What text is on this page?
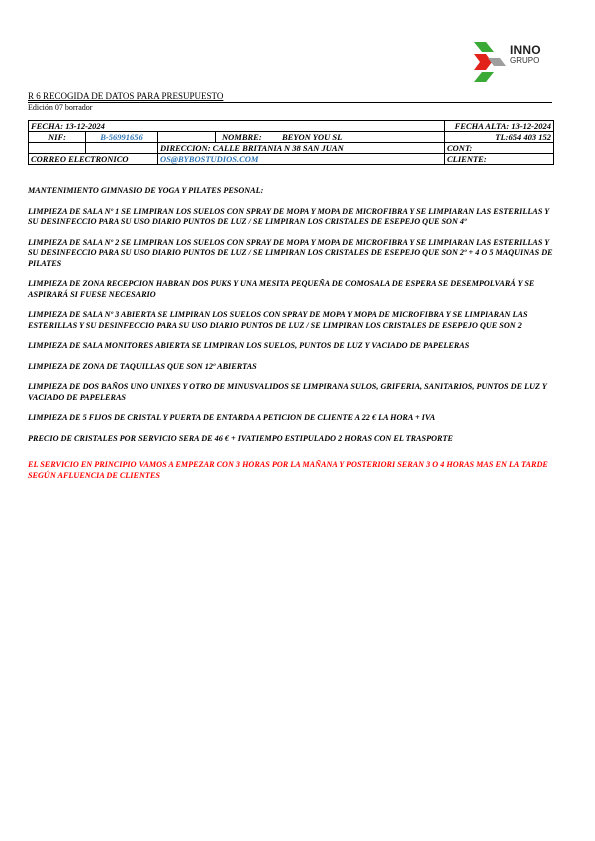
INNO
GRUPO
R 6 RECOGIDA DE DATOS PARA PRESUPUESTO
Edición 07 borrador
FECHA: 13-12-2024				FECHA ALTA: 13-12-2024
NIF:	B-56991656		NOMBRE: BEYON YOU SL	TL:654 403 152
		DIRECCION: CALLE BRITANIA N 38 SAN JUAN		CONT:
CORREO ELECTRONICO		OS@BYBOSTUDIOS.COM		CLIENTE:

MANTENIMIENTO GIMNASIO DE YOGA Y PILATES PESONAL:

LIMPIEZA DE SALA Nº 1 SE LIMPIRAN LOS SUELOS CON SPRAY DE MOPA Y MOPA DE MICROFIBRA Y SE LIMPIARAN LAS ESTERILLAS Y SU DESINFECCIO PARA SU USO DIARIO PUNTOS DE LUZ / SE LIMPIRAN LOS CRISTALES DE ESEPEJO QUE SON 4º

LIMPIEZA DE SALA Nº 2 SE LIMPIRAN LOS SUELOS CON SPRAY DE MOPA Y MOPA DE MICROFIBRA Y SE LIMPIARAN LAS ESTERILLAS Y SU DESINFECCIO PARA SU USO DIARIO PUNTOS DE LUZ / SE LIMPIRAN LOS CRISTALES DE ESEPEJO QUE SON 2º + 4 O 5 MAQUINAS DE PILATES

LIMPIEZA DE ZONA RECEPCION HABRAN DOS PUKS Y UNA MESITA PEQUEÑA DE COMOSALA DE ESPERA SE DESEMPOLVARÁ Y SE ASPIRARÁ SI FUESE NECESARIO

LIMPIEZA DE SALA Nº 3 ABIERTA SE LIMPIRAN LOS SUELOS CON SPRAY DE MOPA Y MOPA DE MICROFIBRA Y SE LIMPIARAN LAS ESTERILLAS Y SU DESINFECCIO PARA SU USO DIARIO PUNTOS DE LUZ / SE LIMPIRAN LOS CRISTALES DE ESEPEJO QUE SON 2

LIMPIEZA DE SALA MONITORES ABIERTA SE LIMPIRAN LOS SUELOS, PUNTOS DE LUZ Y VACIADO DE PAPELERAS

LIMPIEZA DE ZONA DE TAQUILLAS QUE SON 12º ABIERTAS

LIMPIEZA DE DOS BAÑOS UNO UNIXES Y OTRO DE MINUSVALIDOS SE LIMPIRANA SULOS, GRIFERIA, SANITARIOS, PUNTOS DE LUZ Y VACIADO DE PAPELERAS

LIMPIEZA DE 5 FIJOS DE CRISTAL Y PUERTA DE ENTARDA A PETICION DE CLIENTE A 22 € LA HORA + IVA

PRECIO DE CRISTALES POR SERVICIO SERA DE 46 € + IVATIEMPO ESTIPULADO 2 HORAS CON EL TRASPORTE

EL SERVICIO EN PRINCIPIO VAMOS A EMPEZAR CON 3 HORAS POR LA MAÑANA Y POSTERIORI SERAN 3 O 4 HORAS MAS EN LA TARDE SEGÚN AFLUENCIA DE CLIENTES
